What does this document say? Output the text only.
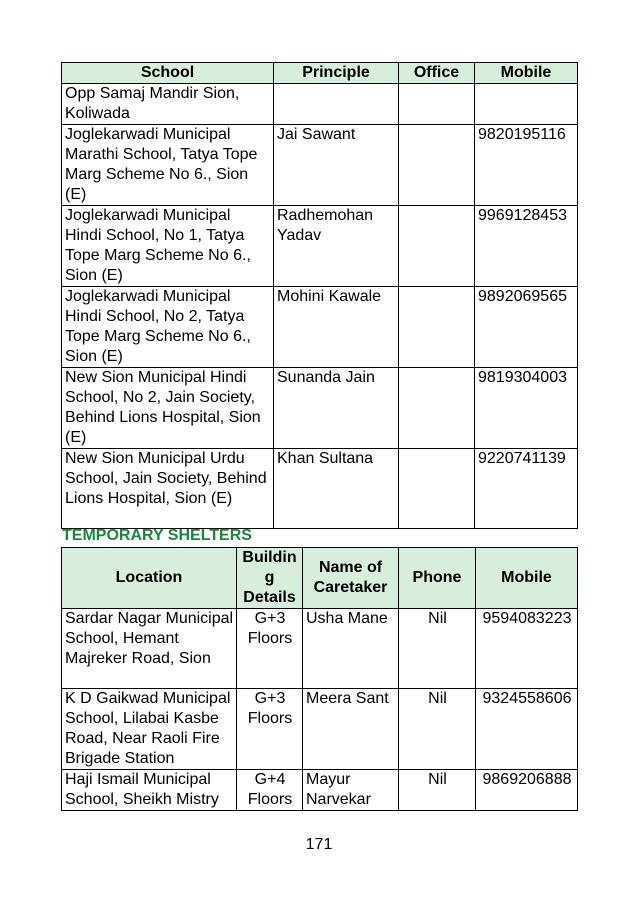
School	Principle	Office	Mobile
Opp Samaj Mandir Sion, Koliwada			
Joglekarwadi Municipal Marathi School, Tatya Tope Marg Scheme No 6., Sion (E)	Jai Sawant		9820195116
Joglekarwadi Municipal Hindi School, No 1, Tatya Tope Marg Scheme No 6., Sion (E)	Radhemohan Yadav		9969128453
Joglekarwadi Municipal Hindi School, No 2, Tatya Tope Marg Scheme No 6., Sion (E)	Mohini Kawale		9892069565
New Sion Municipal Hindi School, No 2, Jain Society, Behind Lions Hospital, Sion (E)	Sunanda Jain		9819304003
New Sion Municipal Urdu School, Jain Society, Behind Lions Hospital, Sion (E)	Khan Sultana		9220741139
TEMPORARY SHELTERS
Location	Building Details	Name of Caretaker	Phone	Mobile
Sardar Nagar Municipal School, Hemant Majreker Road, Sion	G+3 Floors	Usha Mane	Nil	9594083223
K D Gaikwad Municipal School, Lilabai Kasbe Road, Near Raoli Fire Brigade Station	G+3 Floors	Meera Sant	Nil	9324558606
Haji Ismail Municipal School, Sheikh Mistry	G+4 Floors	Mayur Narvekar	Nil	9869206888
171
